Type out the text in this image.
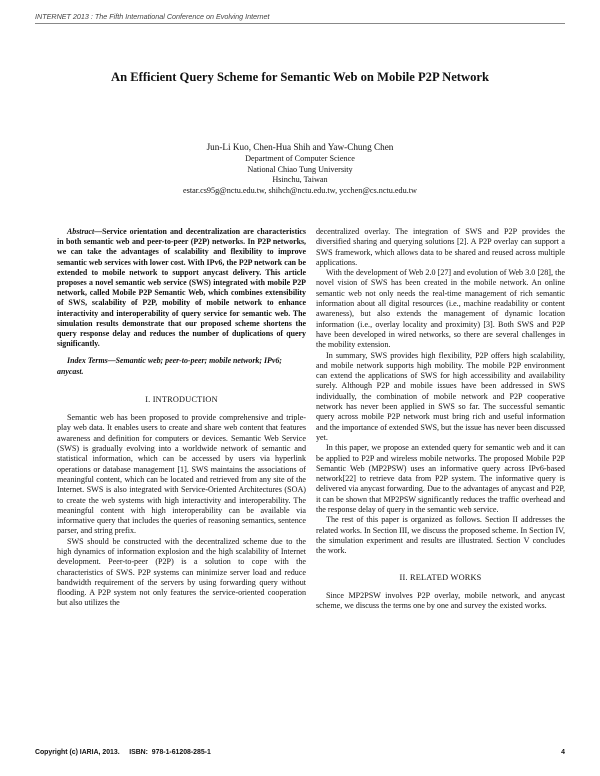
INTERNET 2013 : The Fifth International Conference on Evolving Internet
An Efficient Query Scheme for Semantic Web on Mobile P2P Network
Jun-Li Kuo, Chen-Hua Shih and Yaw-Chung Chen
Department of Computer Science
National Chiao Tung University
Hsinchu, Taiwan
estar.cs95g@nctu.edu.tw, shihch@nctu.edu.tw, ycchen@cs.nctu.edu.tw

Abstract—Service orientation and decentralization are characteristics in both semantic web and peer-to-peer (P2P) networks. In P2P networks, we can take the advantages of scalability and flexibility to improve semantic web services with lower cost. With IPv6, the P2P network can be extended to mobile network to support anycast delivery. This article proposes a novel semantic web service (SWS) integrated with mobile P2P network, called Mobile P2P Semantic Web, which combines extensibility of SWS, scalability of P2P, mobility of mobile network to enhance interactivity and interoperability of query service for semantic web. The simulation results demonstrate that our proposed scheme shortens the query response delay and reduces the number of duplications of query significantly.

Index Terms—Semantic web; peer-to-peer; mobile network; IPv6; anycast.
I. INTRODUCTION

Semantic web has been proposed to provide comprehensive and triple-play web data. It enables users to create and share web content that features awareness and definition for computers or devices. Semantic Web Service (SWS) is gradually evolving into a worldwide network of semantic and statistical information, which can be accessed by users via hyperlink operations or database management [1]. SWS maintains the associations of meaningful content, which can be located and retrieved from any site of the Internet. SWS is also integrated with Service-Oriented Architectures (SOA) to create the web systems with high interactivity and interoperability. The meaningful content with high interoperability can be available via informative query that includes the queries of reasoning semantics, sentence parser, and string prefix.

SWS should be constructed with the decentralized scheme due to the high dynamics of information explosion and the high scalability of Internet development. Peer-to-peer (P2P) is a solution to cope with the characteristics of SWS. P2P systems can minimize server load and reduce bandwidth requirement of the servers by using forwarding query without flooding. A P2P system not only features the service-oriented cooperation but also utilizes the

decentralized overlay. The integration of SWS and P2P provides the diversified sharing and querying solutions [2]. A P2P overlay can support a SWS framework, which allows data to be shared and reused across multiple applications.

With the development of Web 2.0 [27] and evolution of Web 3.0 [28], the novel vision of SWS has been created in the mobile network. An online semantic web not only needs the real-time management of rich semantic information about all digital resources (i.e., machine readability or content awareness), but also extends the management of dynamic location information (i.e., overlay locality and proximity) [3]. Both SWS and P2P have been developed in wired networks, so there are several challenges in the mobility extension.

In summary, SWS provides high flexibility, P2P offers high scalability, and mobile network supports high mobility. The mobile P2P environment can extend the applications of SWS for high accessibility and availability surely. Although P2P and mobile issues have been addressed in SWS individually, the combination of mobile network and P2P cooperative network has never been applied in SWS so far. The successful semantic query across mobile P2P network must bring rich and useful information and the importance of extended SWS, but the issue has never been discussed yet.

In this paper, we propose an extended query for semantic web and it can be applied to P2P and wireless mobile networks. The proposed Mobile P2P Semantic Web (MP2PSW) uses an informative query across IPv6-based network[22] to retrieve data from P2P system. The informative query is delivered via anycast forwarding. Due to the advantages of anycast and P2P, it can be shown that MP2PSW significantly reduces the traffic overhead and the response delay of query in the semantic web service.

The rest of this paper is organized as follows. Section II addresses the related works. In Section III, we discuss the proposed scheme. In Section IV, the simulation experiment and results are illustrated. Section V concludes the work.

II. RELATED WORKS

Since MP2PSW involves P2P overlay, mobile network, and anycast scheme, we discuss the terms one by one and survey the existed works.

Copyright (c) IARIA, 2013.     ISBN:  978-1-61208-285-1	4
